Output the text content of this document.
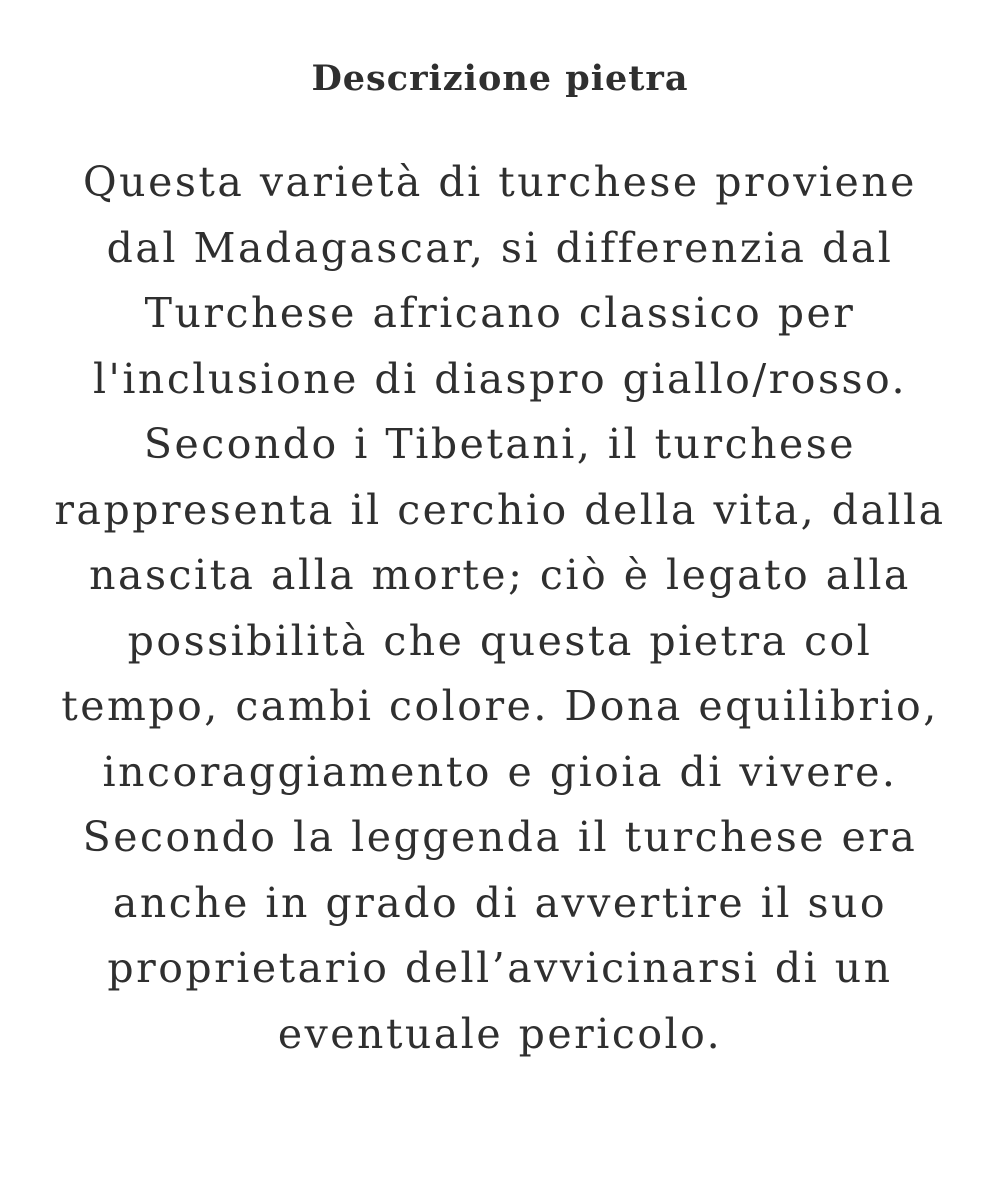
Descrizione pietra

Questa varietà di turchese proviene
dal Madagascar, si differenzia dal
Turchese africano classico per
l'inclusione di diaspro giallo/rosso.
Secondo i Tibetani, il turchese
rappresenta il cerchio della vita, dalla
nascita alla morte; ciò è legato alla
possibilità che questa pietra col
tempo, cambi colore. Dona equilibrio,
incoraggiamento e gioia di vivere.
Secondo la leggenda il turchese era
anche in grado di avvertire il suo
proprietario dell’avvicinarsi di un
eventuale pericolo.
